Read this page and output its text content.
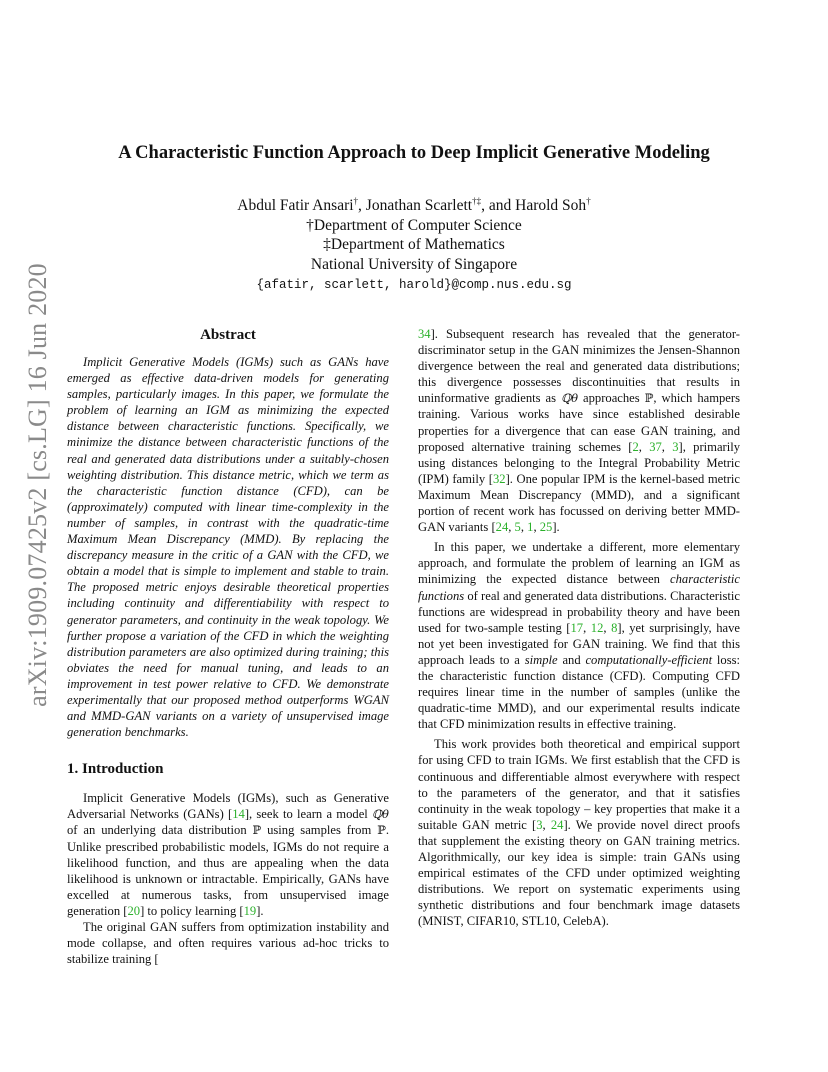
arXiv:1909.07425v2 [cs.LG] 16 Jun 2020
A Characteristic Function Approach to Deep Implicit Generative Modeling
Abdul Fatir Ansari†, Jonathan Scarlett†‡, and Harold Soh†
†Department of Computer Science
‡Department of Mathematics
National University of Singapore
{afatir, scarlett, harold}@comp.nus.edu.sg
Abstract

Implicit Generative Models (IGMs) such as GANs have emerged as effective data-driven models for generating samples, particularly images. In this paper, we formulate the problem of learning an IGM as minimizing the expected distance between characteristic functions. Specifically, we minimize the distance between characteristic functions of the real and generated data distributions under a suitably-chosen weighting distribution. This distance metric, which we term as the characteristic function distance (CFD), can be (approximately) computed with linear time-complexity in the number of samples, in contrast with the quadratic-time Maximum Mean Discrepancy (MMD). By replacing the discrepancy measure in the critic of a GAN with the CFD, we obtain a model that is simple to implement and stable to train. The proposed metric enjoys desirable theoretical properties including continuity and differentiability with respect to generator parameters, and continuity in the weak topology. We further propose a variation of the CFD in which the weighting distribution parameters are also optimized during training; this obviates the need for manual tuning, and leads to an improvement in test power relative to CFD. We demonstrate experimentally that our proposed method outperforms WGAN and MMD-GAN variants on a variety of unsupervised image generation benchmarks.

1. Introduction

Implicit Generative Models (IGMs), such as Generative Adversarial Networks (GANs) [14], seek to learn a model ℚθ of an underlying data distribution ℙ using samples from ℙ. Unlike prescribed probabilistic models, IGMs do not require a likelihood function, and thus are appealing when the data likelihood is unknown or intractable. Empirically, GANs have excelled at numerous tasks, from unsupervised image generation [20] to policy learning [19].

The original GAN suffers from optimization instability and mode collapse, and often requires various ad-hoc tricks to stabilize training [

34]. Subsequent research has revealed that the generator-discriminator setup in the GAN minimizes the Jensen-Shannon divergence between the real and generated data distributions; this divergence possesses discontinuities that results in uninformative gradients as ℚθ approaches ℙ, which hampers training. Various works have since established desirable properties for a divergence that can ease GAN training, and proposed alternative training schemes [2, 37, 3], primarily using distances belonging to the Integral Probability Metric (IPM) family [32]. One popular IPM is the kernel-based metric Maximum Mean Discrepancy (MMD), and a significant portion of recent work has focussed on deriving better MMD-GAN variants [24, 5, 1, 25].

In this paper, we undertake a different, more elementary approach, and formulate the problem of learning an IGM as minimizing the expected distance between characteristic functions of real and generated data distributions. Characteristic functions are widespread in probability theory and have been used for two-sample testing [17, 12, 8], yet surprisingly, have not yet been investigated for GAN training. We find that this approach leads to a simple and computationally-efficient loss: the characteristic function distance (CFD). Computing CFD requires linear time in the number of samples (unlike the quadratic-time MMD), and our experimental results indicate that CFD minimization results in effective training.

This work provides both theoretical and empirical support for using CFD to train IGMs. We first establish that the CFD is continuous and differentiable almost everywhere with respect to the parameters of the generator, and that it satisfies continuity in the weak topology – key properties that make it a suitable GAN metric [3, 24]. We provide novel direct proofs that supplement the existing theory on GAN training metrics. Algorithmically, our key idea is simple: train GANs using empirical estimates of the CFD under optimized weighting distributions. We report on systematic experiments using synthetic distributions and four benchmark image datasets (MNIST, CIFAR10, STL10, CelebA).
